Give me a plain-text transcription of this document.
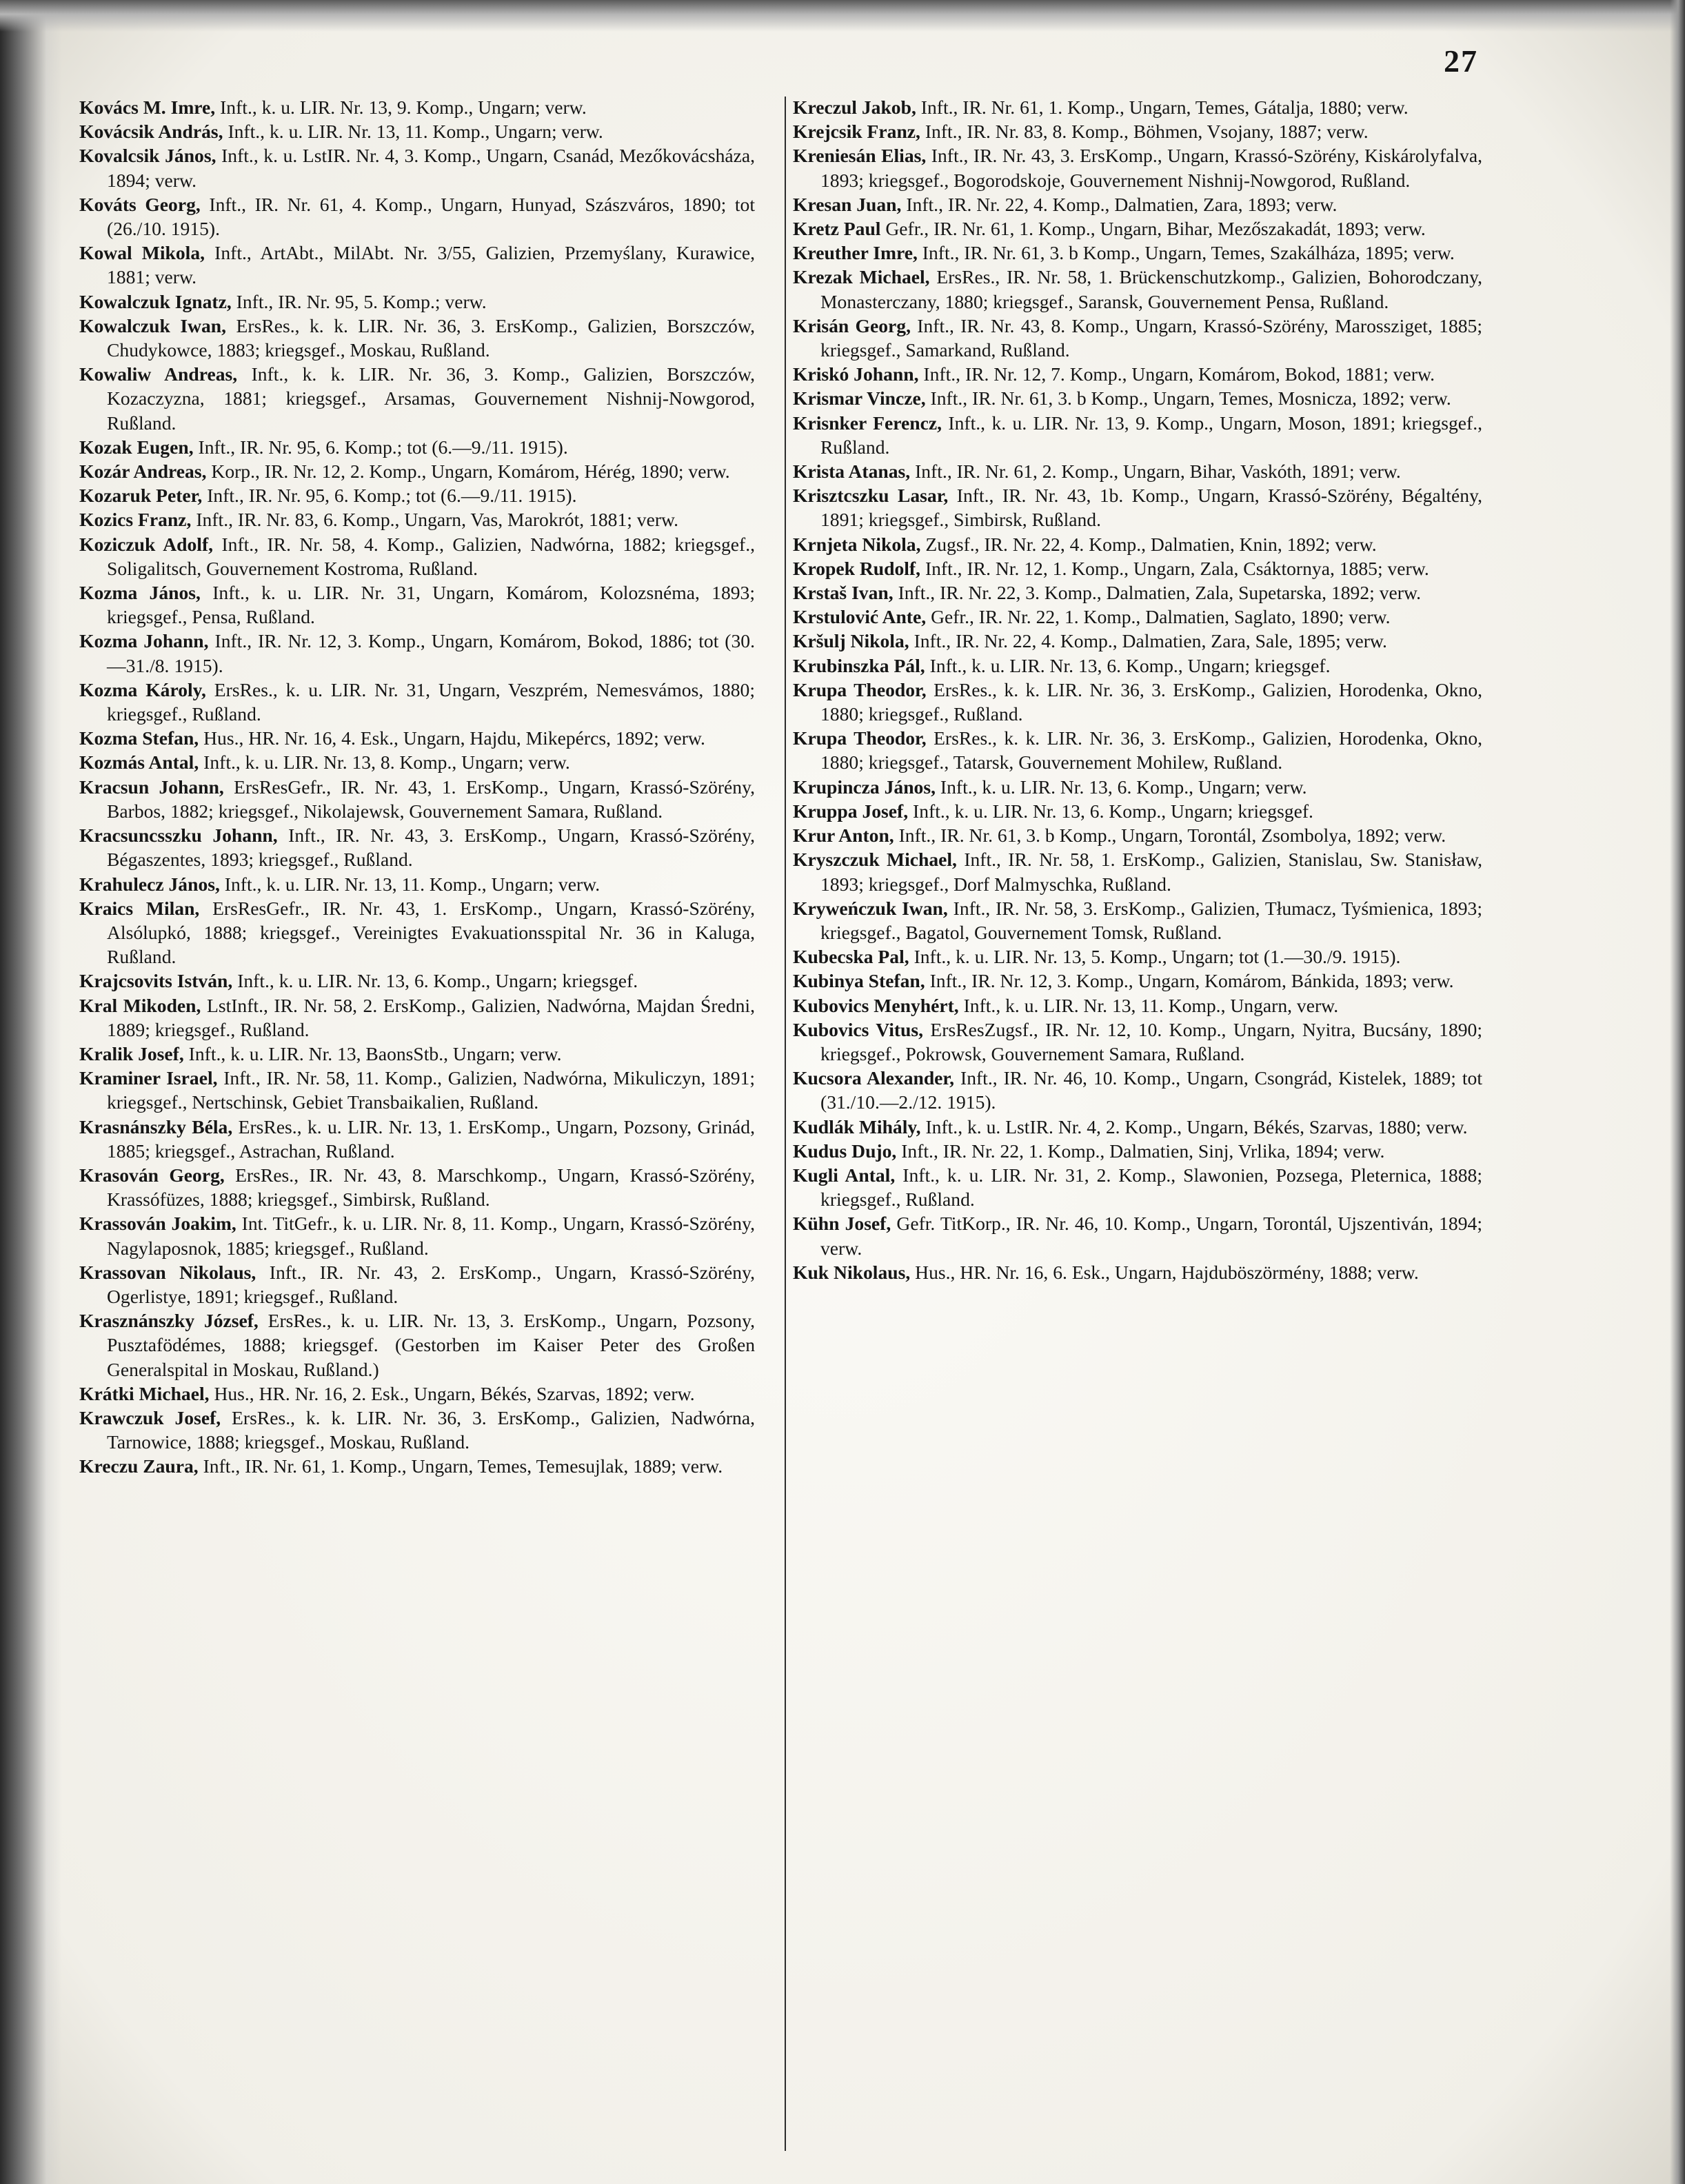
27

Kovács M. Imre, Inft., k. u. LIR. Nr. 13, 9. Komp., Ungarn; verw.

Kovácsik András, Inft., k. u. LIR. Nr. 13, 11. Komp., Ungarn; verw.

Kovalcsik János, Inft., k. u. LstIR. Nr. 4, 3. Komp., Ungarn, Csanád, Mezőkovácsháza, 1894; verw.

Kováts Georg, Inft., IR. Nr. 61, 4. Komp., Ungarn, Hunyad, Szászváros, 1890; tot (26./10. 1915).

Kowal Mikola, Inft., ArtAbt., MilAbt. Nr. 3/55, Galizien, Przemyślany, Kurawice, 1881; verw.

Kowalczuk Ignatz, Inft., IR. Nr. 95, 5. Komp.; verw.

Kowalczuk Iwan, ErsRes., k. k. LIR. Nr. 36, 3. ErsKomp., Galizien, Borszczów, Chudykowce, 1883; kriegsgef., Moskau, Rußland.

Kowaliw Andreas, Inft., k. k. LIR. Nr. 36, 3. Komp., Galizien, Borszczów, Kozaczyzna, 1881; kriegsgef., Arsamas, Gouvernement Nishnij-Nowgorod, Rußland.

Kozak Eugen, Inft., IR. Nr. 95, 6. Komp.; tot (6.—9./11. 1915).

Kozár Andreas, Korp., IR. Nr. 12, 2. Komp., Ungarn, Komárom, Hérég, 1890; verw.

Kozaruk Peter, Inft., IR. Nr. 95, 6. Komp.; tot (6.—9./11. 1915).

Kozics Franz, Inft., IR. Nr. 83, 6. Komp., Ungarn, Vas, Marokrót, 1881; verw.

Koziczuk Adolf, Inft., IR. Nr. 58, 4. Komp., Galizien, Nadwórna, 1882; kriegsgef., Soligalitsch, Gouvernement Kostroma, Rußland.

Kozma János, Inft., k. u. LIR. Nr. 31, Ungarn, Komárom, Kolozsnéma, 1893; kriegsgef., Pensa, Rußland.

Kozma Johann, Inft., IR. Nr. 12, 3. Komp., Ungarn, Komárom, Bokod, 1886; tot (30.—31./8. 1915).

Kozma Károly, ErsRes., k. u. LIR. Nr. 31, Ungarn, Veszprém, Nemesvámos, 1880; kriegsgef., Rußland.

Kozma Stefan, Hus., HR. Nr. 16, 4. Esk., Ungarn, Hajdu, Mikepércs, 1892; verw.

Kozmás Antal, Inft., k. u. LIR. Nr. 13, 8. Komp., Ungarn; verw.

Kracsun Johann, ErsResGefr., IR. Nr. 43, 1. ErsKomp., Ungarn, Krassó-Szörény, Barbos, 1882; kriegsgef., Nikolajewsk, Gouvernement Samara, Rußland.

Kracsuncsszku Johann, Inft., IR. Nr. 43, 3. ErsKomp., Ungarn, Krassó-Szörény, Bégaszentes, 1893; kriegsgef., Rußland.

Krahulecz János, Inft., k. u. LIR. Nr. 13, 11. Komp., Ungarn; verw.

Kraics Milan, ErsResGefr., IR. Nr. 43, 1. ErsKomp., Ungarn, Krassó-Szörény, Alsólupkó, 1888; kriegsgef., Vereinigtes Evakuationsspital Nr. 36 in Kaluga, Rußland.

Krajcsovits István, Inft., k. u. LIR. Nr. 13, 6. Komp., Ungarn; kriegsgef.

Kral Mikoden, LstInft., IR. Nr. 58, 2. ErsKomp., Galizien, Nadwórna, Majdan Średni, 1889; kriegsgef., Rußland.

Kralik Josef, Inft., k. u. LIR. Nr. 13, BaonsStb., Ungarn; verw.

Kraminer Israel, Inft., IR. Nr. 58, 11. Komp., Galizien, Nadwórna, Mikuliczyn, 1891; kriegsgef., Nertschinsk, Gebiet Transbaikalien, Rußland.

Krasnánszky Béla, ErsRes., k. u. LIR. Nr. 13, 1. ErsKomp., Ungarn, Pozsony, Grinád, 1885; kriegsgef., Astrachan, Rußland.

Krasován Georg, ErsRes., IR. Nr. 43, 8. Marschkomp., Ungarn, Krassó-Szörény, Krassófüzes, 1888; kriegsgef., Simbirsk, Rußland.

Krassován Joakim, Int. TitGefr., k. u. LIR. Nr. 8, 11. Komp., Ungarn, Krassó-Szörény, Nagylaposnok, 1885; kriegsgef., Rußland.

Krassovan Nikolaus, Inft., IR. Nr. 43, 2. ErsKomp., Ungarn, Krassó-Szörény, Ogerlistye, 1891; kriegsgef., Rußland.

Krasznánszky József, ErsRes., k. u. LIR. Nr. 13, 3. ErsKomp., Ungarn, Pozsony, Pusztafödémes, 1888; kriegsgef. (Gestorben im Kaiser Peter des Großen Generalspital in Moskau, Rußland.)

Krátki Michael, Hus., HR. Nr. 16, 2. Esk., Ungarn, Békés, Szarvas, 1892; verw.

Krawczuk Josef, ErsRes., k. k. LIR. Nr. 36, 3. ErsKomp., Galizien, Nadwórna, Tarnowice, 1888; kriegsgef., Moskau, Rußland.

Kreczu Zaura, Inft., IR. Nr. 61, 1. Komp., Ungarn, Temes, Temesujlak, 1889; verw.

Kreczul Jakob, Inft., IR. Nr. 61, 1. Komp., Ungarn, Temes, Gátalja, 1880; verw.

Krejcsik Franz, Inft., IR. Nr. 83, 8. Komp., Böhmen, Vsojany, 1887; verw.

Kreniesán Elias, Inft., IR. Nr. 43, 3. ErsKomp., Ungarn, Krassó-Szörény, Kiskárolyfalva, 1893; kriegsgef., Bogorodskoje, Gouvernement Nishnij-Nowgorod, Rußland.

Kresan Juan, Inft., IR. Nr. 22, 4. Komp., Dalmatien, Zara, 1893; verw.

Kretz Paul Gefr., IR. Nr. 61, 1. Komp., Ungarn, Bihar, Mezőszakadát, 1893; verw.

Kreuther Imre, Inft., IR. Nr. 61, 3. b Komp., Ungarn, Temes, Szakálháza, 1895; verw.

Krezak Michael, ErsRes., IR. Nr. 58, 1. Brückenschutzkomp., Galizien, Bohorodczany, Monasterczany, 1880; kriegsgef., Saransk, Gouvernement Pensa, Rußland.

Krisán Georg, Inft., IR. Nr. 43, 8. Komp., Ungarn, Krassó-Szörény, Marossziget, 1885; kriegsgef., Samarkand, Rußland.

Kriskó Johann, Inft., IR. Nr. 12, 7. Komp., Ungarn, Komárom, Bokod, 1881; verw.

Krismar Vincze, Inft., IR. Nr. 61, 3. b Komp., Ungarn, Temes, Mosnicza, 1892; verw.

Krisnker Ferencz, Inft., k. u. LIR. Nr. 13, 9. Komp., Ungarn, Moson, 1891; kriegsgef., Rußland.

Krista Atanas, Inft., IR. Nr. 61, 2. Komp., Ungarn, Bihar, Vaskóth, 1891; verw.

Krisztcszku Lasar, Inft., IR. Nr. 43, 1b. Komp., Ungarn, Krassó-Szörény, Bégaltény, 1891; kriegsgef., Simbirsk, Rußland.

Krnjeta Nikola, Zugsf., IR. Nr. 22, 4. Komp., Dalmatien, Knin, 1892; verw.

Kropek Rudolf, Inft., IR. Nr. 12, 1. Komp., Ungarn, Zala, Csáktornya, 1885; verw.

Krstaš Ivan, Inft., IR. Nr. 22, 3. Komp., Dalmatien, Zala, Supetarska, 1892; verw.

Krstulović Ante, Gefr., IR. Nr. 22, 1. Komp., Dalmatien, Saglato, 1890; verw.

Kršulj Nikola, Inft., IR. Nr. 22, 4. Komp., Dalmatien, Zara, Sale, 1895; verw.

Krubinszka Pál, Inft., k. u. LIR. Nr. 13, 6. Komp., Ungarn; kriegsgef.

Krupa Theodor, ErsRes., k. k. LIR. Nr. 36, 3. ErsKomp., Galizien, Horodenka, Okno, 1880; kriegsgef., Rußland.

Krupa Theodor, ErsRes., k. k. LIR. Nr. 36, 3. ErsKomp., Galizien, Horodenka, Okno, 1880; kriegsgef., Tatarsk, Gouvernement Mohilew, Rußland.

Krupincza János, Inft., k. u. LIR. Nr. 13, 6. Komp., Ungarn; verw.

Kruppa Josef, Inft., k. u. LIR. Nr. 13, 6. Komp., Ungarn; kriegsgef.

Krur Anton, Inft., IR. Nr. 61, 3. b Komp., Ungarn, Torontál, Zsombolya, 1892; verw.

Kryszczuk Michael, Inft., IR. Nr. 58, 1. ErsKomp., Galizien, Stanislau, Sw. Stanisław, 1893; kriegsgef., Dorf Malmyschka, Rußland.

Kryweńczuk Iwan, Inft., IR. Nr. 58, 3. ErsKomp., Galizien, Tłumacz, Tyśmienica, 1893; kriegsgef., Bagatol, Gouvernement Tomsk, Rußland.

Kubecska Pal, Inft., k. u. LIR. Nr. 13, 5. Komp., Ungarn; tot (1.—30./9. 1915).

Kubinya Stefan, Inft., IR. Nr. 12, 3. Komp., Ungarn, Komárom, Bánkida, 1893; verw.

Kubovics Menyhért, Inft., k. u. LIR. Nr. 13, 11. Komp., Ungarn, verw.

Kubovics Vitus, ErsResZugsf., IR. Nr. 12, 10. Komp., Ungarn, Nyitra, Bucsány, 1890; kriegsgef., Pokrowsk, Gouvernement Samara, Rußland.

Kucsora Alexander, Inft., IR. Nr. 46, 10. Komp., Ungarn, Csongrád, Kistelek, 1889; tot (31./10.—2./12. 1915).

Kudlák Mihály, Inft., k. u. LstIR. Nr. 4, 2. Komp., Ungarn, Békés, Szarvas, 1880; verw.

Kudus Dujo, Inft., IR. Nr. 22, 1. Komp., Dalmatien, Sinj, Vrlika, 1894; verw.

Kugli Antal, Inft., k. u. LIR. Nr. 31, 2. Komp., Slawonien, Pozsega, Pleternica, 1888; kriegsgef., Rußland.

Kühn Josef, Gefr. TitKorp., IR. Nr. 46, 10. Komp., Ungarn, Torontál, Ujszentiván, 1894; verw.

Kuk Nikolaus, Hus., HR. Nr. 16, 6. Esk., Ungarn, Hajduböszörmény, 1888; verw.
